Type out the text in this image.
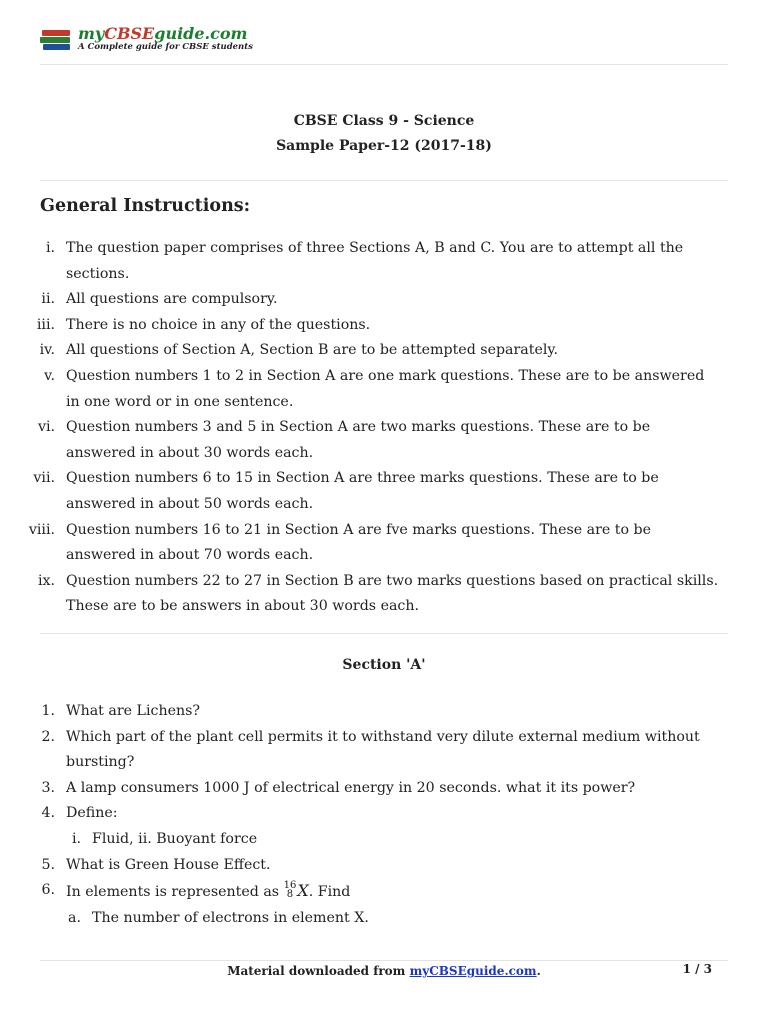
myCBSEguide.com
A Complete guide for CBSE students
CBSE Class 9 - Science
Sample Paper-12 (2017-18)
General Instructions:
i. The question paper comprises of three Sections A, B and C. You are to attempt all the
sections.
ii. All questions are compulsory.
iii. There is no choice in any of the questions.
iv. All questions of Section A, Section B are to be attempted separately.
v. Question numbers 1 to 2 in Section A are one mark questions. These are to be answered
in one word or in one sentence.
vi. Question numbers 3 and 5 in Section A are two marks questions. These are to be
answered in about 30 words each.
vii. Question numbers 6 to 15 in Section A are three marks questions. These are to be
answered in about 50 words each.
viii. Question numbers 16 to 21 in Section A are fve marks questions. These are to be
answered in about 70 words each.
ix. Question numbers 22 to 27 in Section B are two marks questions based on practical skills.
These are to be answers in about 30 words each.
Section 'A'
1. What are Lichens?
2. Which part of the plant cell permits it to withstand very dilute external medium without
bursting?
3. A lamp consumers 1000 J of electrical energy in 20 seconds. what it its power?
4. Define:
i. Fluid, ii. Buoyant force
5. What is Green House Effect.
6. In elements is represented as 16
8 X. Find
a. The number of electrons in element X.
Material downloaded from myCBSEguide.com.	1 / 3
